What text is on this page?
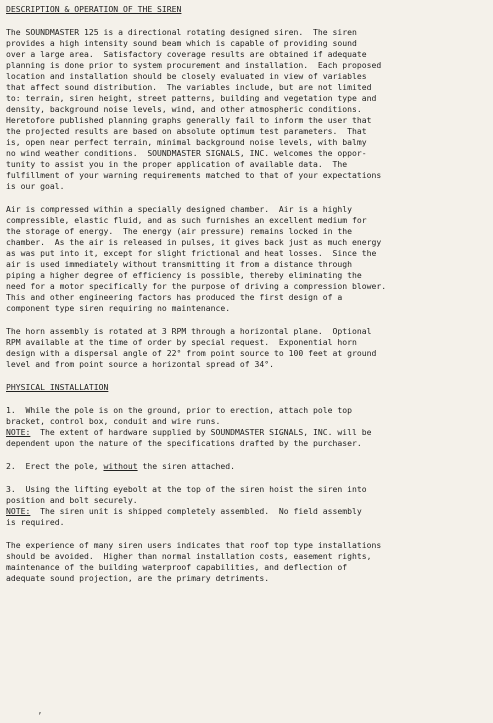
DESCRIPTION & OPERATION OF THE SIREN
The SOUNDMASTER 125 is a directional rotating designed siren.  The siren
provides a high intensity sound beam which is capable of providing sound
over a large area.  Satisfactory coverage results are obtained if adequate
planning is done prior to system procurement and installation.  Each proposed
location and installation should be closely evaluated in view of variables
that affect sound distribution.  The variables include, but are not limited
to: terrain, siren height, street patterns, building and vegetation type and
density, background noise levels, wind, and other atmospheric conditions.
Heretofore published planning graphs generally fail to inform the user that
the projected results are based on absolute optimum test parameters.  That
is, open near perfect terrain, minimal background noise levels, with balmy
no wind weather conditions.  SOUNDMASTER SIGNALS, INC. welcomes the oppor-
tunity to assist you in the proper application of available data.  The
fulfillment of your warning requirements matched to that of your expectations
is our goal.
Air is compressed within a specially designed chamber.  Air is a highly
compressible, elastic fluid, and as such furnishes an excellent medium for
the storage of energy.  The energy (air pressure) remains locked in the
chamber.  As the air is released in pulses, it gives back just as much energy
as was put into it, except for slight frictional and heat losses.  Since the
air is used immediately without transmitting it from a distance through
piping a higher degree of efficiency is possible, thereby eliminating the
need for a motor specifically for the purpose of driving a compression blower.
This and other engineering factors has produced the first design of a
component type siren requiring no maintenance.
The horn assembly is rotated at 3 RPM through a horizontal plane.  Optional
RPM available at the time of order by special request.  Exponential horn
design with a dispersal angle of 22° from point source to 100 feet at ground
level and from point source a horizontal spread of 34°.
PHYSICAL INSTALLATION
1.  While the pole is on the ground, prior to erection, attach pole top
bracket, control box, conduit and wire runs.
NOTE:  The extent of hardware supplied by SOUNDMASTER SIGNALS, INC. will be
dependent upon the nature of the specifications drafted by the purchaser.
2.  Erect the pole, without the siren attached.
3.  Using the lifting eyebolt at the top of the siren hoist the siren into
position and bolt securely.
NOTE:  The siren unit is shipped completely assembled.  No field assembly
is required.
The experience of many siren users indicates that roof top type installations
should be avoided.  Higher than normal installation costs, easement rights,
maintenance of the building waterproof capabilities, and deflection of
adequate sound projection, are the primary detriments.
’
